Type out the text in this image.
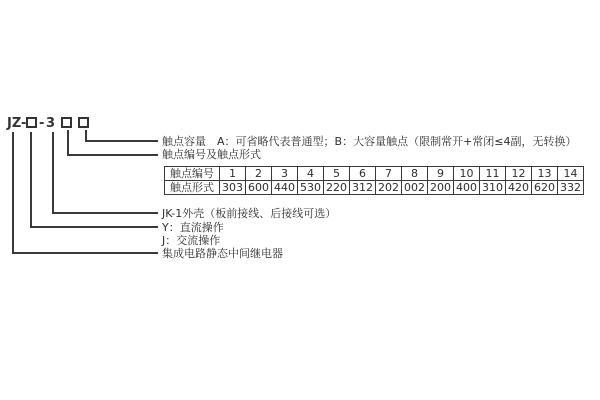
JZ- - 3
触点容量　A：可省略代表普通型；B：大容量触点（限制常开+常闭≤4副，无转换）
触点编号及触点形式
JK-1外壳（板前接线、后接线可选）
Y：直流操作
J：交流操作
集成电路静态中间继电器
触点编号	1	2	3	4	5	6	7	8	9	10	11	12	13	14
触点形式	303	600	440	530	220	312	202	002	200	400	310	420	620	332
